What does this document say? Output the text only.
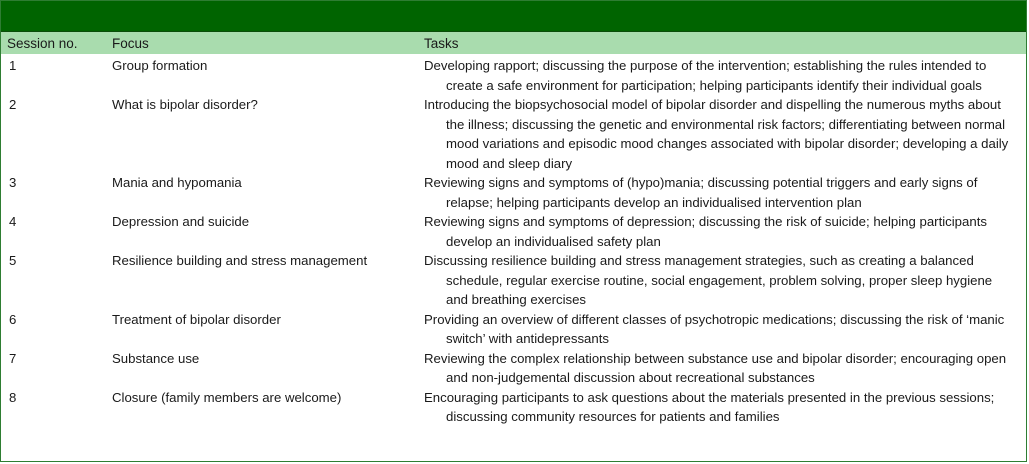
Session no.	Focus	Tasks
1	Group formation	Developing rapport; discussing the purpose of the intervention; establishing the rules intended to create a safe environment for participation; helping participants identify their individual goals

2	What is bipolar disorder?	Introducing the biopsychosocial model of bipolar disorder and dispelling the numerous myths about the illness; discussing the genetic and environmental risk factors; differentiating between normal mood variations and episodic mood changes associated with bipolar disorder; developing a daily mood and sleep diary

3	Mania and hypomania	Reviewing signs and symptoms of (hypo)mania; discussing potential triggers and early signs of relapse; helping participants develop an individualised intervention plan

4	Depression and suicide	Reviewing signs and symptoms of depression; discussing the risk of suicide; helping participants develop an individualised safety plan

5	Resilience building and stress management	Discussing resilience building and stress management strategies, such as creating a balanced schedule, regular exercise routine, social engagement, problem solving, proper sleep hygiene and breathing exercises

6	Treatment of bipolar disorder	Providing an overview of different classes of psychotropic medications; discussing the risk of ‘manic switch’ with antidepressants

7	Substance use	Reviewing the complex relationship between substance use and bipolar disorder; encouraging open and non-judgemental discussion about recreational substances

8	Closure (family members are welcome)	Encouraging participants to ask questions about the materials presented in the previous sessions; discussing community resources for patients and families
